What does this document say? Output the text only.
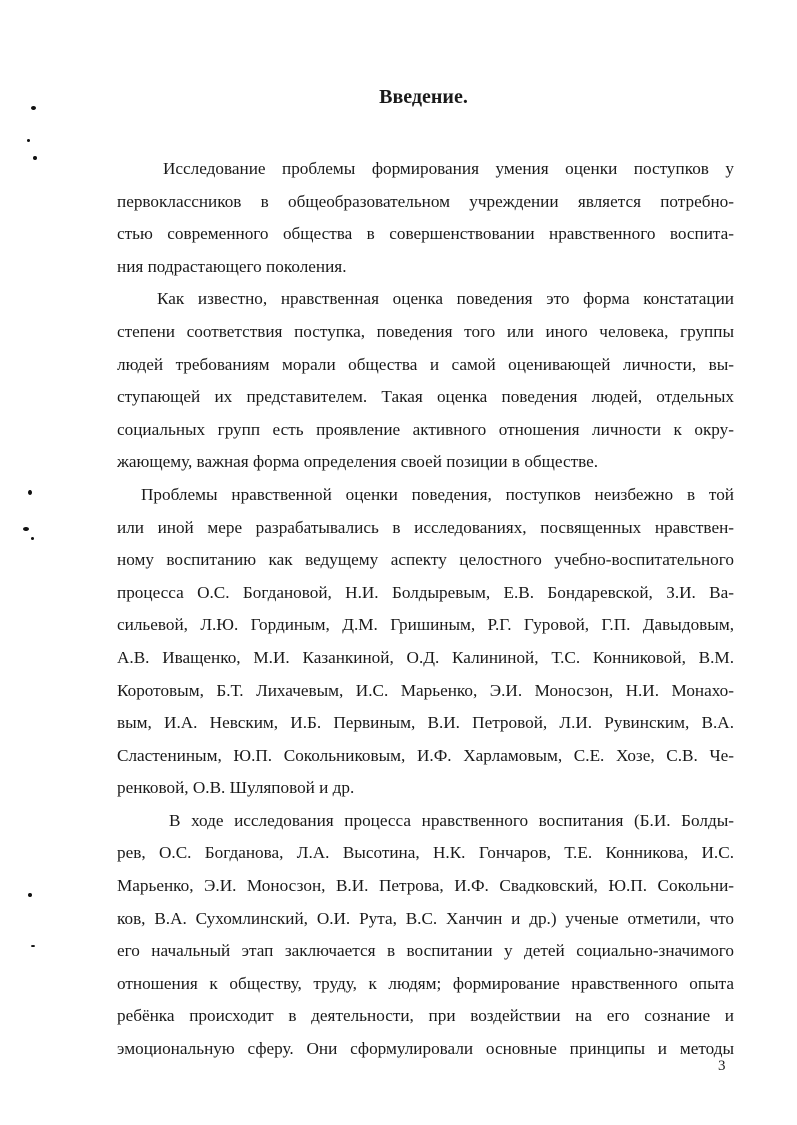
Введение.
Исследование проблемы формирования умения оценки поступков у
первоклассников в общеобразовательном учреждении является потребно-
стью современного общества в совершенствовании нравственного воспита-
ния подрастающего поколения.
Как известно, нравственная оценка поведения это форма констатации
степени соответствия поступка, поведения того или иного человека, группы
людей требованиям морали общества и самой оценивающей личности, вы-
ступающей их представителем. Такая оценка поведения людей, отдельных
социальных групп есть проявление активного отношения личности к окру-
жающему, важная форма определения своей позиции в обществе.
Проблемы нравственной оценки поведения, поступков неизбежно в той
или иной мере разрабатывались в исследованиях, посвященных нравствен-
ному воспитанию как ведущему аспекту целостного учебно-воспитательного
процесса О.С. Богдановой, Н.И. Болдыревым, Е.В. Бондаревской, З.И. Ва-
сильевой, Л.Ю. Гординым, Д.М. Гришиным, Р.Г. Гуровой, Г.П. Давыдовым,
А.В. Иващенко, М.И. Казанкиной, О.Д. Калининой, Т.С. Конниковой, В.М.
Коротовым, Б.Т. Лихачевым, И.С. Марьенко, Э.И. Моносзон, Н.И. Монахо-
вым, И.А. Невским, И.Б. Первиным, В.И. Петровой, Л.И. Рувинским, В.А.
Сластениным, Ю.П. Сокольниковым, И.Ф. Харламовым, С.Е. Хозе, С.В. Че-
ренковой, О.В. Шуляповой и др.
В ходе исследования процесса нравственного воспитания (Б.И. Болды-
рев, О.С. Богданова, Л.А. Высотина, Н.К. Гончаров, Т.Е. Конникова, И.С.
Марьенко, Э.И. Моносзон, В.И. Петрова, И.Ф. Свадковский, Ю.П. Сокольни-
ков, В.А. Сухомлинский, О.И. Рута, В.С. Ханчин и др.) ученые отметили, что
его начальный этап заключается в воспитании у детей социально-значимого
отношения к обществу, труду, к людям; формирование нравственного опыта
ребёнка происходит в деятельности, при воздействии на его сознание и
эмоциональную сферу. Они сформулировали основные принципы и методы
3
